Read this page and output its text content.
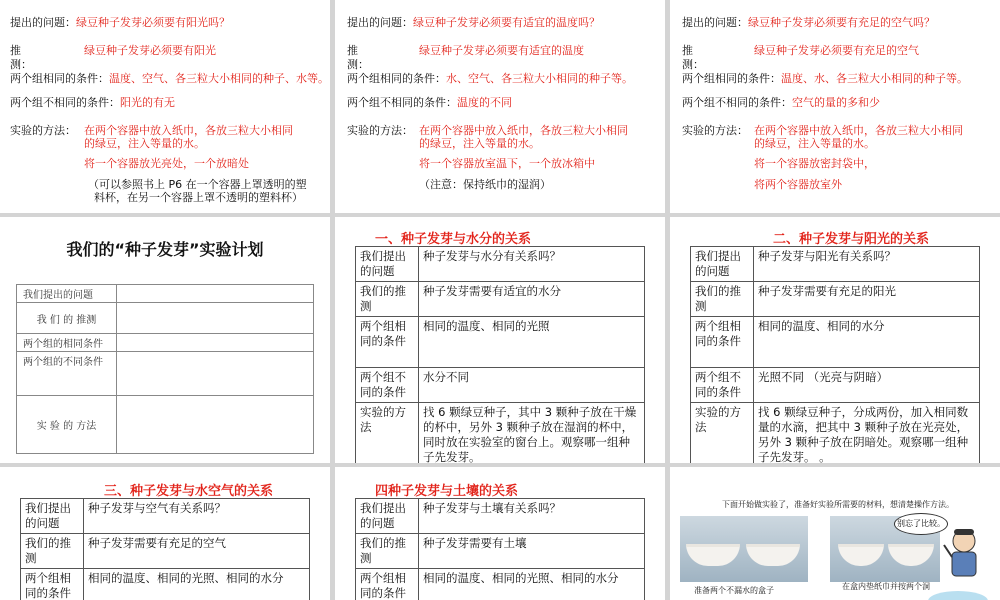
提出的问题：绿豆种子发芽必须要有阳光吗？
推测：
绿豆种子发芽必须要有阳光
两个组相同的条件：温度、空气、各三粒大小相同的种子、水等。
两个组不相同的条件：阳光的有无
实验的方法： 在两个容器中放入纸巾，各放三粒大小相同
的绿豆，注入等量的水。
将一个容器放光亮处，一个放暗处
（可以参照书上 P6 在一个容器上罩透明的塑
料杯，在另一个容器上罩不透明的塑料杯）
提出的问题：绿豆种子发芽必须要有适宜的温度吗？
推测：
绿豆种子发芽必须要有适宜的温度
两个组相同的条件：水、空气、各三粒大小相同的种子等。
两个组不相同的条件：温度的不同
实验的方法： 在两个容器中放入纸巾，各放三粒大小相同
的绿豆，注入等量的水。
将一个容器放室温下，一个放冰箱中
（注意：保持纸巾的湿润）
提出的问题：绿豆种子发芽必须要有充足的空气吗？
推测：
绿豆种子发芽必须要有充足的空气
两个组相同的条件：温度、水、各三粒大小相同的种子等。
两个组不相同的条件：空气的量的多和少
实验的方法： 在两个容器中放入纸巾，各放三粒大小相同
的绿豆，注入等量的水。
将一个容器放密封袋中，
将两个容器放室外
我们的“种子发芽”实验计划
我们提出的问题	
我 们 的 推测	
两个组的相同条件	
两个组的不同条件	
实 验 的 方法	
一、种子发芽与水分的关系
我们提出的问题	种子发芽与水分有关系吗？
我们的推测	种子发芽需要有适宜的水分
两个组相同的条件	相同的温度、相同的光照
两个组不同的条件	水分不同
实验的方法	找 6 颗绿豆种子，其中 3 颗种子放在干燥的杯中，另外 3 颗种子放在湿润的杯中，同时放在实验室的窗台上。观察哪一组种子先发芽。
二、种子发芽与阳光的关系
我们提出的问题	种子发芽与阳光有关系吗？
我们的推测	种子发芽需要有充足的阳光
两个组相同的条件	相同的温度、相同的水分
两个组不同的条件	光照不同 （光亮与阴暗）
实验的方法	找 6 颗绿豆种子，分成两份，加入相同数量的水滴，把其中 3 颗种子放在光亮处，另外 3 颗种子放在阴暗处。观察哪一组种子先发芽。 。
三、种子发芽与水空气的关系
我们提出的问题	种子发芽与空气有关系吗？
我们的推测	种子发芽需要有充足的空气
两个组相同的条件	相同的温度、相同的光照、相同的水分
四种子发芽与土壤的关系
我们提出的问题	种子发芽与土壤有关系吗？
我们的推测	种子发芽需要有土壤
两个组相同的条件	相同的温度、相同的光照、相同的水分
下面开始做实验了，准备好实验所需要的材料，想清楚操作方法。
准备两个不漏水的盒子	在盒内垫纸巾并按两个洞
别忘了比较。
